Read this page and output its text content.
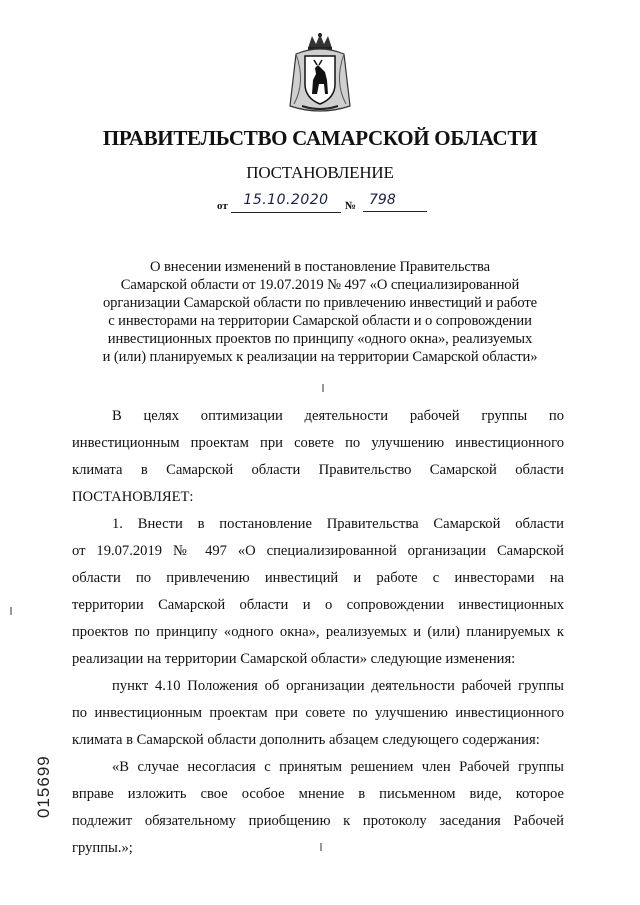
ПРАВИТЕЛЬСТВО САМАРСКОЙ ОБЛАСТИ
ПОСТАНОВЛЕНИЕ
от	15.10.2020	№ 798
О внесении изменений в постановление Правительства
Самарской области от 19.07.2019 № 497 «О специализированной
организации Самарской области по привлечению инвестиций и работе
с инвесторами на территории Самарской области и о сопровождении
инвестиционных проектов по принципу «одного окна», реализуемых
и (или) планируемых к реализации на территории Самарской области»
В целях оптимизации деятельности рабочей группы по
инвестиционным проектам при совете по улучшению инвестиционного
климата в Самарской области Правительство Самарской области
ПОСТАНОВЛЯЕТ:
1. Внести в постановление Правительства Самарской области
от 19.07.2019 № 497 «О специализированной организации Самарской
области по привлечению инвестиций и работе с инвесторами на
территории Самарской области и о сопровождении инвестиционных
проектов по принципу «одного окна», реализуемых и (или) планируемых к
реализации на территории Самарской области» следующие изменения:
пункт 4.10 Положения об организации деятельности рабочей группы
по инвестиционным проектам при совете по улучшению инвестиционного
климата в Самарской области дополнить абзацем следующего содержания:
«В случае несогласия с принятым решением член Рабочей группы
вправе изложить свое особое мнение в письменном виде, которое
подлежит обязательному приобщению к протоколу заседания Рабочей
группы.»;
015699
